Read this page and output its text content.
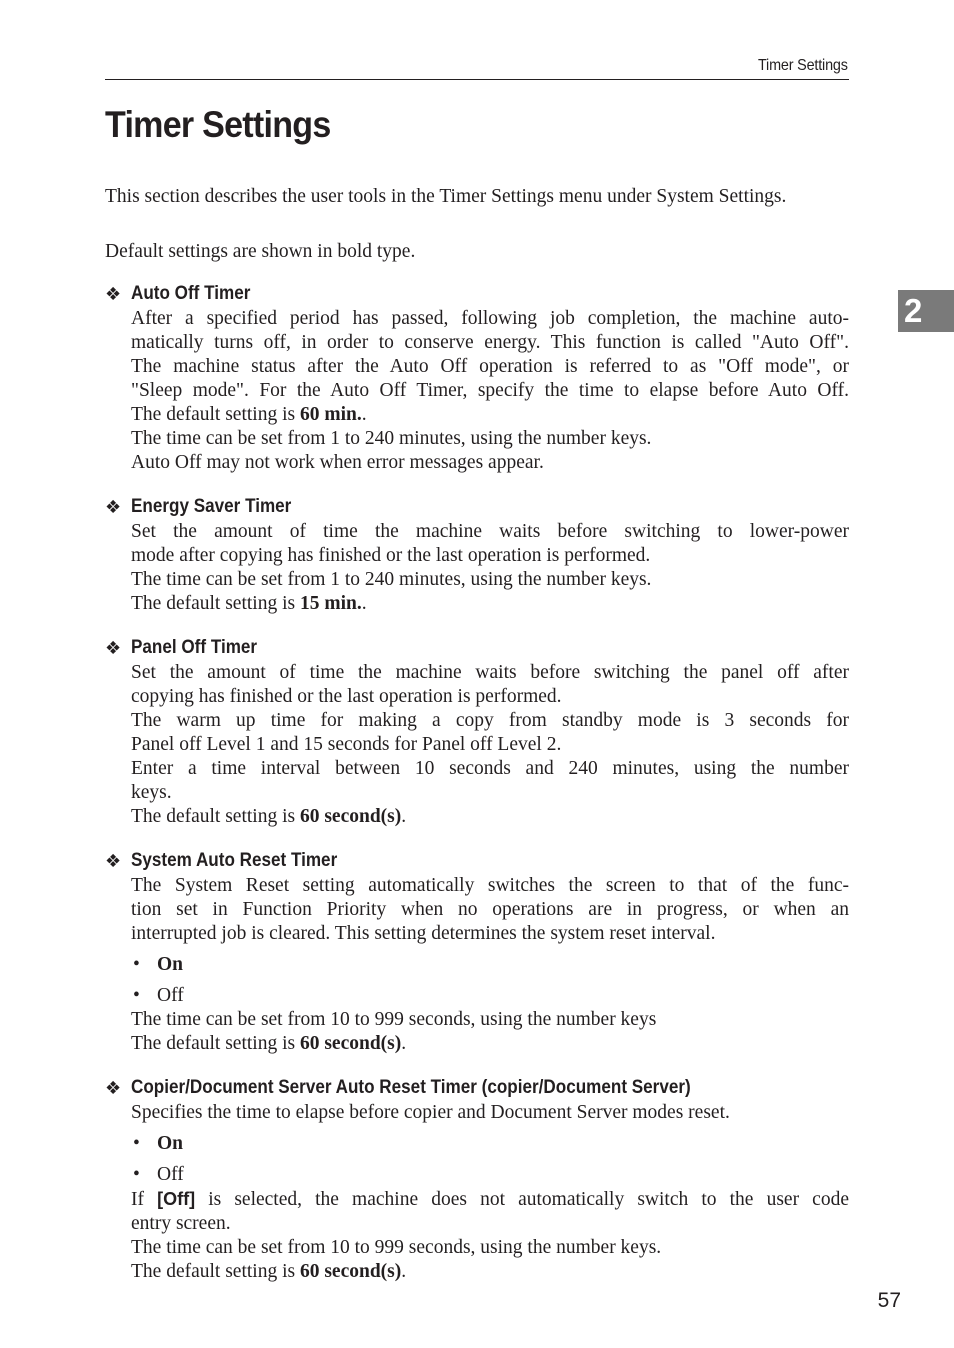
Timer Settings
Timer Settings
2

This section describes the user tools in the Timer Settings menu under System Settings.

Default settings are shown in bold type.

❖ Auto Off Timer
After a specified period has passed, following job completion, the machine auto-
matically turns off, in order to conserve energy. This function is called "Auto Off".
The machine status after the Auto Off operation is referred to as "Off mode", or
"Sleep mode". For the Auto Off Timer, specify the time to elapse before Auto Off.
The default setting is 60 min..
The time can be set from 1 to 240 minutes, using the number keys.
Auto Off may not work when error messages appear.
❖ Energy Saver Timer
Set the amount of time the machine waits before switching to lower-power
mode after copying has finished or the last operation is performed.
The time can be set from 1 to 240 minutes, using the number keys.
The default setting is 15 min..
❖ Panel Off Timer
Set the amount of time the machine waits before switching the panel off after
copying has finished or the last operation is performed.
The warm up time for making a copy from standby mode is 3 seconds for
Panel off Level 1 and 15 seconds for Panel off Level 2.
Enter a time interval between 10 seconds and 240 minutes, using the number
keys.
The default setting is 60 second(s).
❖ System Auto Reset Timer
The System Reset setting automatically switches the screen to that of the func-
tion set in Function Priority when no operations are in progress, or when an
interrupted job is cleared. This setting determines the system reset interval.
• On
• Off
The time can be set from 10 to 999 seconds, using the number keys
The default setting is 60 second(s).
❖ Copier/Document Server Auto Reset Timer (copier/Document Server)
Specifies the time to elapse before copier and Document Server modes reset.
• On
• Off
If [Off] is selected, the machine does not automatically switch to the user code
entry screen.
The time can be set from 10 to 999 seconds, using the number keys.
The default setting is 60 second(s).
57
